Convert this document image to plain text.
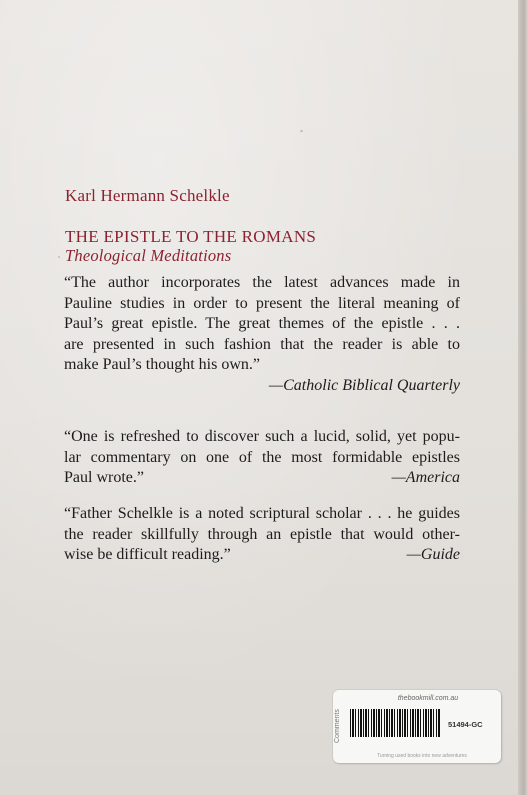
Karl Hermann Schelkle
THE EPISTLE TO THE ROMANS
Theological Meditations
“The author incorporates the latest advances made in
Pauline studies in order to present the literal meaning of
Paul’s great epistle. The great themes of the epistle . . .
are presented in such fashion that the reader is able to
make Paul’s thought his own.”
—Catholic Biblical Quarterly
“One is refreshed to discover such a lucid, solid, yet popu-
lar commentary on one of the most formidable epistles
Paul wrote.”	—America
“Father Schelkle is a noted scriptural scholar . . . he guides
the reader skillfully through an epistle that would other-
wise be difficult reading.”	—Guide
Comments
thebookmill.com.au
51494-GC
Turning used books into new adventures
